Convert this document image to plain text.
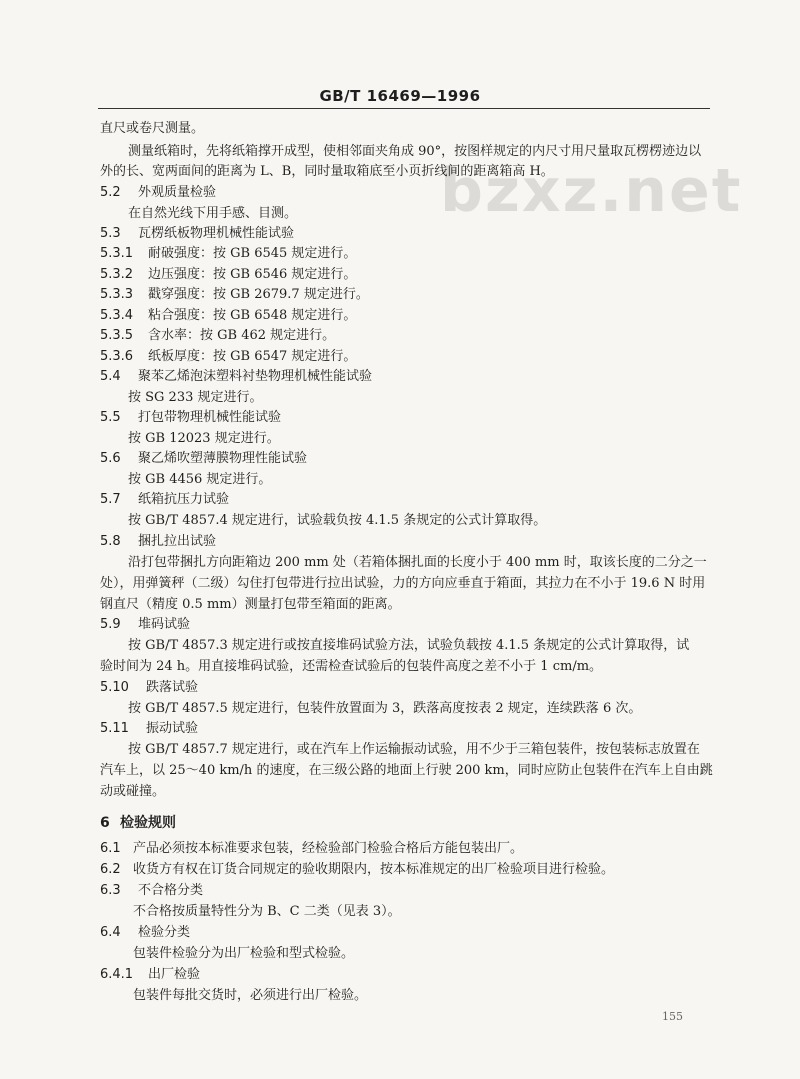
GB/T 16469—1996
bzxz.net
直尺或卷尺测量。
测量纸箱时，先将纸箱撑开成型，使相邻面夹角成 90°，按图样规定的内尺寸用尺量取瓦楞楞迹边以
外的长、宽两面间的距离为 L、B，同时量取箱底至小页折线间的距离箱高 H。
5.2 外观质量检验
在自然光线下用手感、目测。
5.3 瓦楞纸板物理机械性能试验
5.3.1 耐破强度：按 GB 6545 规定进行。
5.3.2 边压强度：按 GB 6546 规定进行。
5.3.3 戳穿强度：按 GB 2679.7 规定进行。
5.3.4 粘合强度：按 GB 6548 规定进行。
5.3.5 含水率：按 GB 462 规定进行。
5.3.6 纸板厚度：按 GB 6547 规定进行。
5.4 聚苯乙烯泡沫塑料衬垫物理机械性能试验
按 SG 233 规定进行。
5.5 打包带物理机械性能试验
按 GB 12023 规定进行。
5.6 聚乙烯吹塑薄膜物理性能试验
按 GB 4456 规定进行。
5.7 纸箱抗压力试验
按 GB/T 4857.4 规定进行，试验载负按 4.1.5 条规定的公式计算取得。
5.8 捆扎拉出试验
沿打包带捆扎方向距箱边 200 mm 处（若箱体捆扎面的长度小于 400 mm 时，取该长度的二分之一
处），用弹簧秤（二级）勾住打包带进行拉出试验，力的方向应垂直于箱面，其拉力在不小于 19.6 N 时用
钢直尺（精度 0.5 mm）测量打包带至箱面的距离。
5.9 堆码试验
按 GB/T 4857.3 规定进行或按直接堆码试验方法，试验负载按 4.1.5 条规定的公式计算取得，试
验时间为 24 h。用直接堆码试验，还需检查试验后的包装件高度之差不小于 1 cm/m。
5.10 跌落试验
按 GB/T 4857.5 规定进行，包装件放置面为 3，跌落高度按表 2 规定，连续跌落 6 次。
5.11 振动试验
按 GB/T 4857.7 规定进行，或在汽车上作运输振动试验，用不少于三箱包装件，按包装标志放置在
汽车上，以 25～40 km/h 的速度，在三级公路的地面上行驶 200 km，同时应防止包装件在汽车上自由跳
动或碰撞。
6 检验规则
6.1 产品必须按本标准要求包装，经检验部门检验合格后方能包装出厂。
6.2 收货方有权在订货合同规定的验收期限内，按本标准规定的出厂检验项目进行检验。
6.3 不合格分类
不合格按质量特性分为 B、C 二类（见表 3）。
6.4 检验分类
包装件检验分为出厂检验和型式检验。
6.4.1 出厂检验
包装件每批交货时，必须进行出厂检验。
155
